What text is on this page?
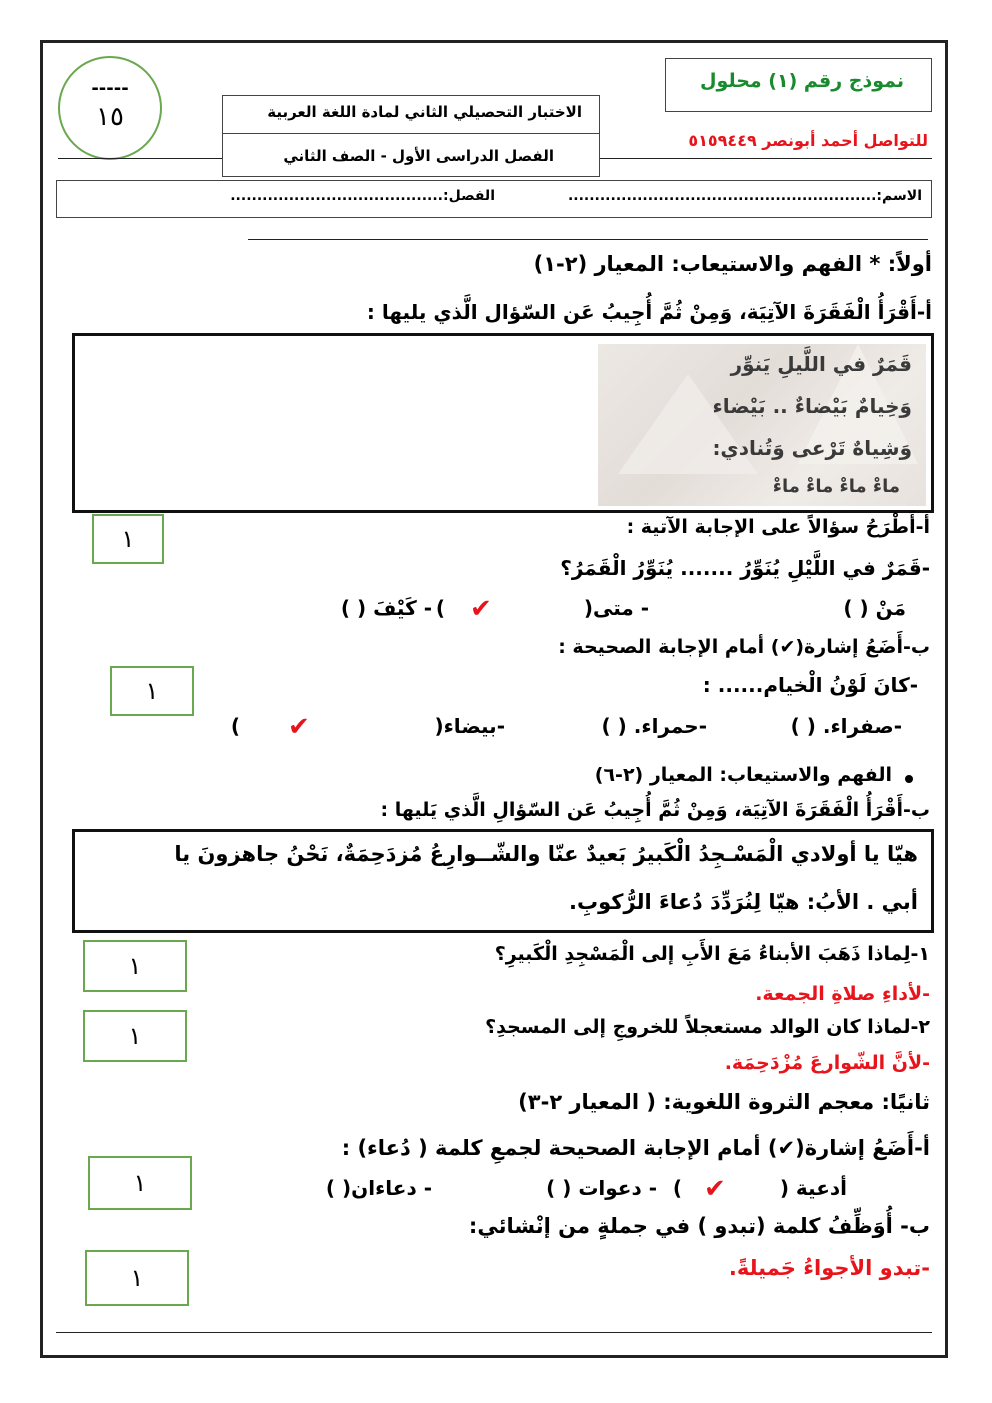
-----
١٥	الاختبار التحصيلي الثاني لمادة اللغة العربية
الفصل الدراسى الأول - الصف الثاني
نموذج رقم (١) محلول
للتواصل أحمد أبونصر ٥١٥٩٤٤٩
الاسم:..........................................................
الفصل:........................................
أولاً: * الفهم والاستيعاب: المعيار (٢-١)
أ-أَقْرَأُ الْفَقَرَةَ الآتِيَة، وَمِنْ ثُمَّ أُجِيبُ عَن السّؤال الَّذي يليها :
قَمَرٌ في اللَّيلِ يَنوِّر
وَخِيامٌ بَيْضاءٌ .. بَيْضاء
وَشِياهٌ تَرْعى وَتُنادي:
ماءْ ماءْ ماءْ ماءْ
أ-أَطْرَحُ سؤالاً على الإجابة الآتية :
١
-قَمَرٌ في اللَّيْلِ يُنَوِّرُ ....... يُنَوِّرُ الْقَمَرُ؟
مَنْ ( )
- متى(
✔
)
- كَيْفَ ( )
ب-أَضَعُ إشارة(✔) أمام الإجابة الصحيحة :
١	-كانَ لَوْنُ الْخيام...... :
-صفراء. ( )
-حمراء. ( )
-بيضاء(
✔
)
الفهم والاستيعاب: المعيار (٢-٦)
ب-أَقْرَأُ الْفَقَرَةَ الآتِيَة، وَمِنْ ثُمَّ أُجِيبُ عَن السّؤالِ الَّذي يَليها :
هيّا يا أولادي الْمَسْـجِدُ الْكَبيرُ بَعيدٌ عنّا والشّــوارِعُ مُزدَحِمَةٌ، نَحْنُ جاهزونَ يا
أبي . الأبُ: هيّا لِنُرَدِّدَ دُعاءَ الرُّكوبِ.
١-لِماذا ذَهَبَ الأبناءُ مَعَ الأَبِ إلى الْمَسْجِدِ الْكَبيرِ؟
١
-لأداءِ صلاةِ الجمعة.
٢-لماذا كان الوالد مستعجلاً للخروجِ إلى المسجدِ؟
١
-لأنَّ الشّوارعَ مُزْدَحِمَة.
ثانيًا: معجم الثروة اللغوية: ( المعيار ٢-٣)
أ-أَضَعُ إشارة(✔) أمام الإجابة الصحيحة لجمعِ كلمة ( دُعاء) :
١	أدعية (
✔
)
- دعوات ( )
- دعاءان( )
ب- أُوَظِّفُ كلمة (تبدو ) في جملةٍ من إنْشائي:
١	-تبدو الأجواءُ جَميلةً.
